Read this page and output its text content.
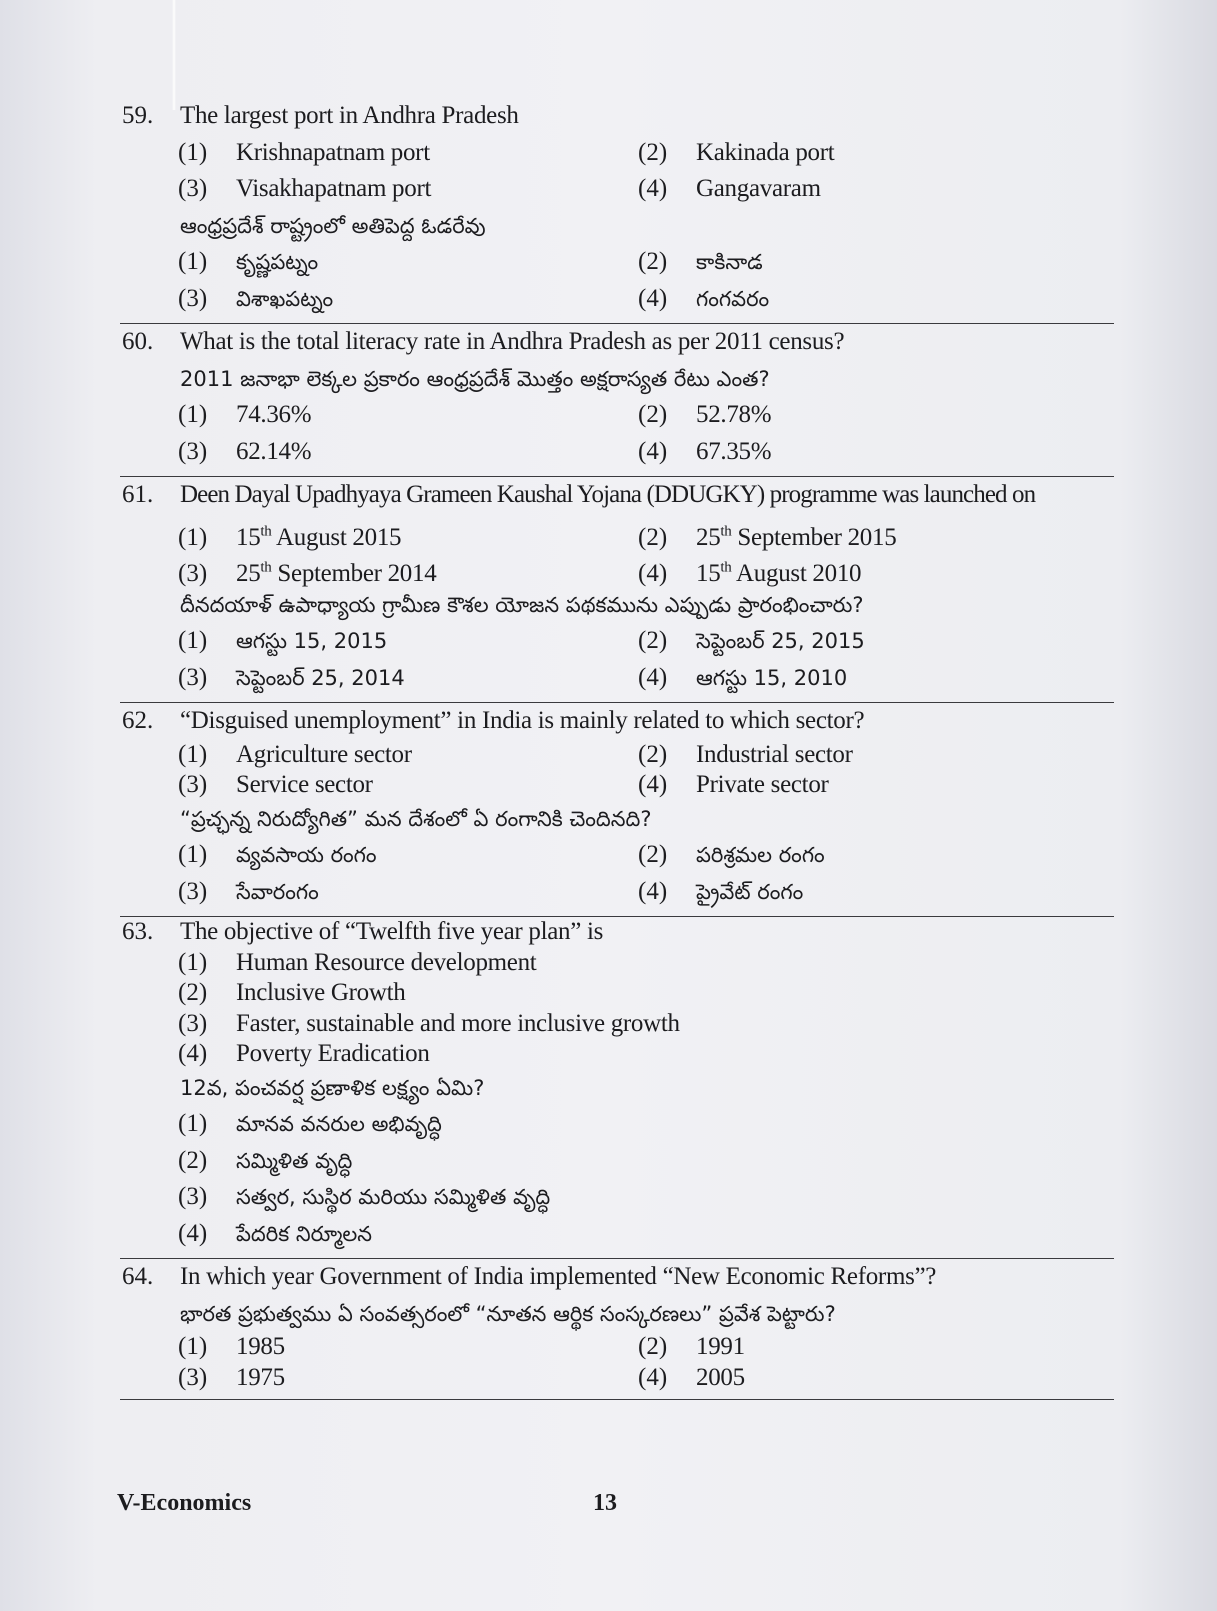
59. The largest port in Andhra Pradesh
(1) Krishnapatnam port	(2) Kakinada port
(3) Visakhapatnam port	(4) Gangavaram
ఆంధ్రప్రదేశ్ రాష్ట్రంలో అతిపెద్ద ఓడరేవు
(1) కృష్ణపట్నం	(2) కాకినాడ
(3) విశాఖపట్నం	(4) గంగవరం
60. What is the total literacy rate in Andhra Pradesh as per 2011 census?
2011 జనాభా లెక్కల ప్రకారం ఆంధ్రప్రదేశ్ మొత్తం అక్షరాస్యత రేటు ఎంత?
(1) 74.36%	(2) 52.78%
(3) 62.14%	(4) 67.35%
61. Deen Dayal Upadhyaya Grameen Kaushal Yojana (DDUGKY) programme was launched on
(1) 15th August 2015	(2) 25th September 2015
(3) 25th September 2014	(4) 15th August 2010
దీనదయాళ్ ఉపాధ్యాయ గ్రామీణ కౌశల యోజన పథకమును ఎప్పుడు ప్రారంభించారు?
(1) ఆగస్టు 15, 2015	(2) సెప్టెంబర్ 25, 2015
(3) సెప్టెంబర్ 25, 2014	(4) ఆగస్టు 15, 2010
62. “Disguised unemployment” in India is mainly related to which sector?
(1) Agriculture sector	(2) Industrial sector
(3) Service sector	(4) Private sector
“ప్రచ్ఛన్న నిరుద్యోగిత” మన దేశంలో ఏ రంగానికి చెందినది?
(1) వ్యవసాయ రంగం	(2) పరిశ్రమల రంగం
(3) సేవారంగం	(4) ప్రైవేట్ రంగం
63. The objective of “Twelfth five year plan” is
(1) Human Resource development
(2) Inclusive Growth
(3) Faster, sustainable and more inclusive growth
(4) Poverty Eradication
12వ, పంచవర్ష ప్రణాళిక లక్ష్యం ఏమి?
(1) మానవ వనరుల అభివృద్ధి
(2) సమ్మిళిత వృద్ధి
(3) సత్వర, సుస్థిర మరియు సమ్మిళిత వృద్ధి
(4) పేదరిక నిర్మూలన
64. In which year Government of India implemented “New Economic Reforms”?
భారత ప్రభుత్వము ఏ సంవత్సరంలో “నూతన ఆర్థిక సంస్కరణలు” ప్రవేశ పెట్టారు?
(1) 1985	(2) 1991
(3) 1975	(4) 2005
V-Economics	13
